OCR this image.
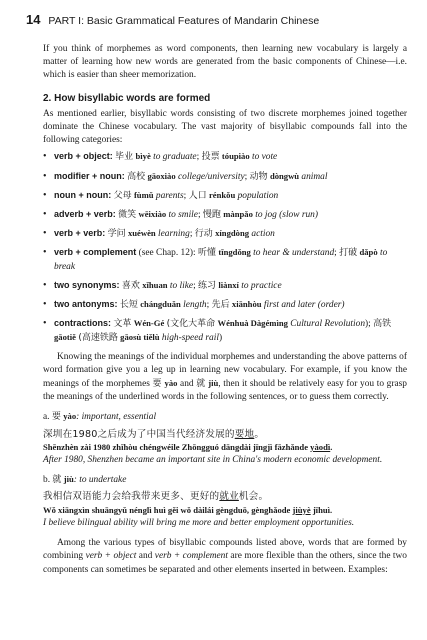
14 PART I: Basic Grammatical Features of Mandarin Chinese

If you think of morphemes as word components, then learning new vocabulary is largely a matter of learning how new words are generated from the basic components of Chinese—i.e. which is easier than sheer memorization.

2. How bisyllabic words are formed

As mentioned earlier, bisyllabic words consisting of two discrete morphemes joined together dominate the Chinese vocabulary. The vast majority of bisyllabic compounds fall into the following categories:

• verb + object: 毕业 bìyè to graduate; 投票 tóupiào to vote
• modifier + noun: 高校 gāoxiào college/university; 动物 dòngwù animal
• noun + noun: 父母 fùmǔ parents; 人口 rénkǒu population
• adverb + verb: 微笑 wēixiào to smile; 慢跑 mànpǎo to jog (slow run)
• verb + verb: 学问 xuéwèn learning; 行动 xíngdòng action
• verb + complement (see Chap. 12): 听懂 tīngdǒng to hear & understand; 打破 dǎpò to break
• two synonyms: 喜欢 xǐhuan to like; 练习 liànxí to practice
• two antonyms: 长短 chángduǎn length; 先后 xiānhòu first and later (order)
• contractions: 文革 Wén-Gé (文化大革命 Wénhuà Dàgémìng Cultural Revolution); 高铁 gāotiě (高速铁路 gāosù tiělù high-speed rail)

Knowing the meanings of the individual morphemes and understanding the above patterns of word formation give you a leg up in learning new vocabulary. For example, if you know the meanings of the morphemes 要 yào and 就 jiù, then it should be relatively easy for you to grasp the meanings of the underlined words in the following sentences, or to guess them correctly.

a. 要 yào: important, essential

深圳在1980之后成为了中国当代经济发展的要地。

Shēnzhèn zài 1980 zhīhòu chéngwéile Zhōngguó dāngdài jīngjì fāzhǎnde yàodì.

After 1980, Shenzhen became an important site in China's modern economic development.

b. 就 jiù: to undertake

我相信双语能力会给我带来更多、更好的就业机会。

Wǒ xiāngxìn shuāngyǔ nénglì huì gěi wǒ dàilái gèngduō, gènghǎode jiùyè jīhuì.

I believe bilingual ability will bring me more and better employment opportunities.

Among the various types of bisyllabic compounds listed above, words that are formed by combining verb + object and verb + complement are more flexible than the others, since the two components can sometimes be separated and other elements inserted in between. Examples:
